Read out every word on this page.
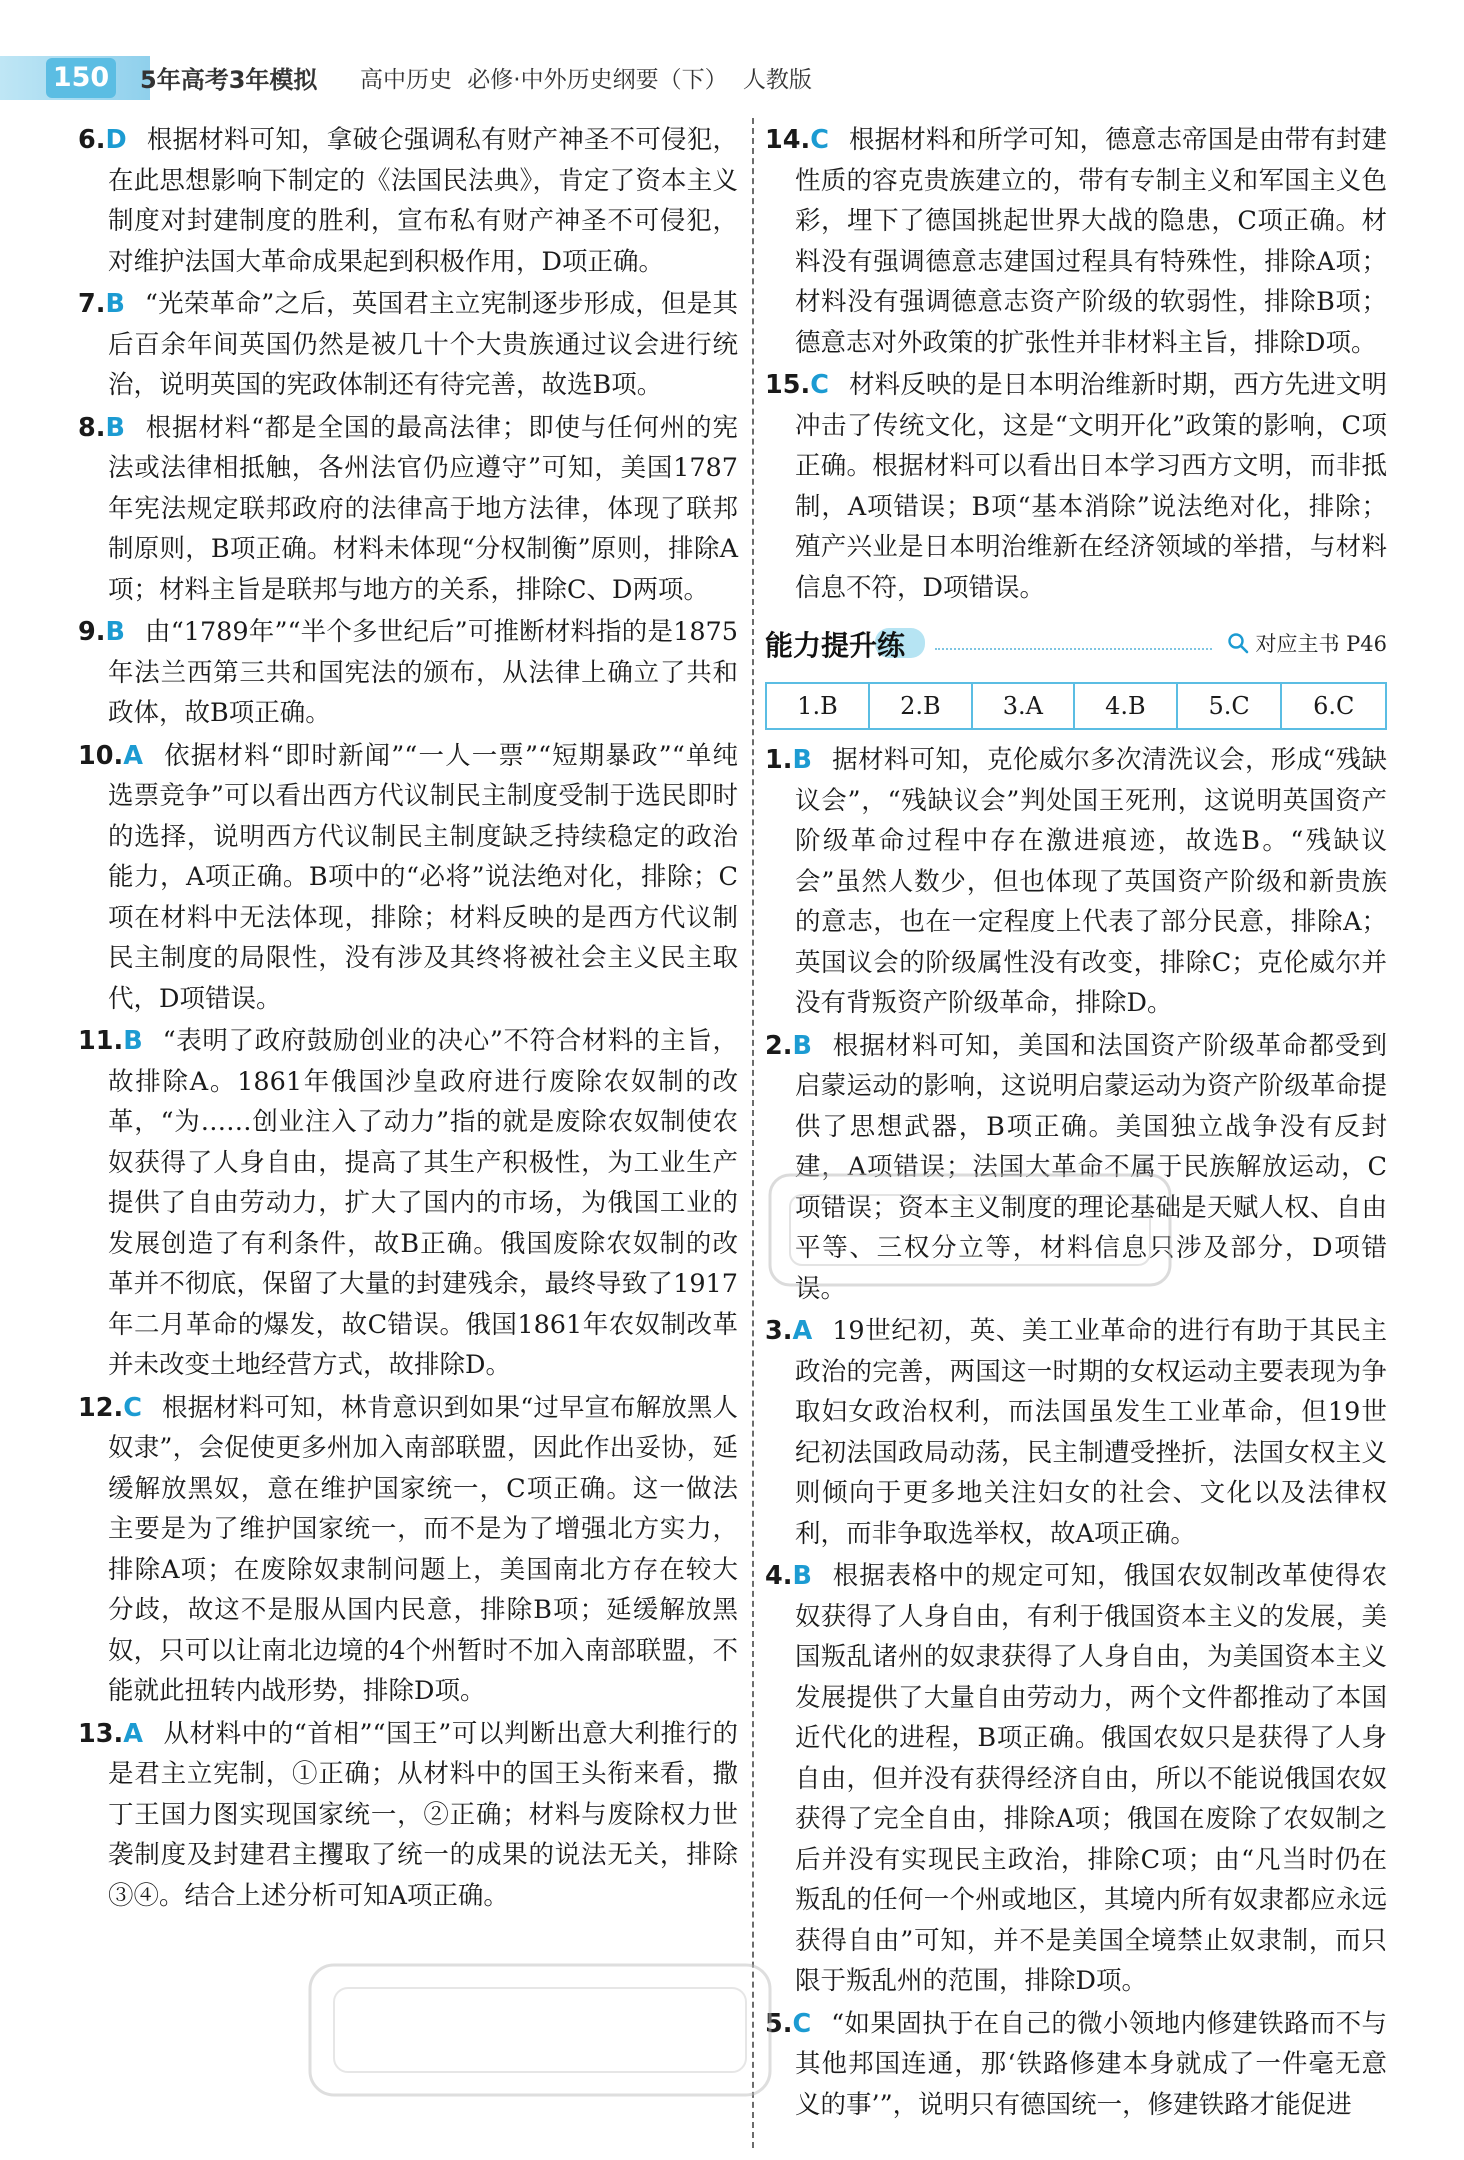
150 5年高考3年模拟 高中历史 必修·中外历史纲要（下） 人教版

6.D 根据材料可知，拿破仑强调私有财产神圣不可侵犯，在此思想影响下制定的《法国民法典》，肯定了资本主义制度对封建制度的胜利，宣布私有财产神圣不可侵犯，对维护法国大革命成果起到积极作用，D项正确。

7.B “光荣革命”之后，英国君主立宪制逐步形成，但是其后百余年间英国仍然是被几十个大贵族通过议会进行统治，说明英国的宪政体制还有待完善，故选B项。

8.B 根据材料“都是全国的最高法律；即使与任何州的宪法或法律相抵触，各州法官仍应遵守”可知，美国1787年宪法规定联邦政府的法律高于地方法律，体现了联邦制原则，B项正确。材料未体现“分权制衡”原则，排除A项；材料主旨是联邦与地方的关系，排除C、D两项。

9.B 由“1789年”“半个多世纪后”可推断材料指的是1875年法兰西第三共和国宪法的颁布，从法律上确立了共和政体，故B项正确。

10.A 依据材料“即时新闻”“一人一票”“短期暴政”“单纯选票竞争”可以看出西方代议制民主制度受制于选民即时的选择，说明西方代议制民主制度缺乏持续稳定的政治能力，A项正确。B项中的“必将”说法绝对化，排除；C项在材料中无法体现，排除；材料反映的是西方代议制民主制度的局限性，没有涉及其终将被社会主义民主取代，D项错误。

11.B “表明了政府鼓励创业的决心”不符合材料的主旨，故排除A。1861年俄国沙皇政府进行废除农奴制的改革，“为……创业注入了动力”指的就是废除农奴制使农奴获得了人身自由，提高了其生产积极性，为工业生产提供了自由劳动力，扩大了国内的市场，为俄国工业的发展创造了有利条件，故B正确。俄国废除农奴制的改革并不彻底，保留了大量的封建残余，最终导致了1917年二月革命的爆发，故C错误。俄国1861年农奴制改革并未改变土地经营方式，故排除D。

12.C 根据材料可知，林肯意识到如果“过早宣布解放黑人奴隶”，会促使更多州加入南部联盟，因此作出妥协，延缓解放黑奴，意在维护国家统一，C项正确。这一做法主要是为了维护国家统一，而不是为了增强北方实力，排除A项；在废除奴隶制问题上，美国南北方存在较大分歧，故这不是服从国内民意，排除B项；延缓解放黑奴，只可以让南北边境的4个州暂时不加入南部联盟，不能就此扭转内战形势，排除D项。

13.A 从材料中的“首相”“国王”可以判断出意大利推行的是君主立宪制，①正确；从材料中的国王头衔来看，撒丁王国力图实现国家统一，②正确；材料与废除权力世袭制度及封建君主攫取了统一的成果的说法无关，排除③④。结合上述分析可知A项正确。

14.C 根据材料和所学可知，德意志帝国是由带有封建性质的容克贵族建立的，带有专制主义和军国主义色彩，埋下了德国挑起世界大战的隐患，C项正确。材料没有强调德意志建国过程具有特殊性，排除A项；材料没有强调德意志资产阶级的软弱性，排除B项；德意志对外政策的扩张性并非材料主旨，排除D项。

15.C 材料反映的是日本明治维新时期，西方先进文明冲击了传统文化，这是“文明开化”政策的影响，C项正确。根据材料可以看出日本学习西方文明，而非抵制，A项错误；B项“基本消除”说法绝对化，排除；殖产兴业是日本明治维新在经济领域的举措，与材料信息不符，D项错误。

能力提升练	对应主书 P46
1.B	2.B	3.A	4.B	5.C	6.C

1.B 据材料可知，克伦威尔多次清洗议会，形成“残缺议会”，“残缺议会”判处国王死刑，这说明英国资产阶级革命过程中存在激进痕迹，故选B。“残缺议会”虽然人数少，但也体现了英国资产阶级和新贵族的意志，也在一定程度上代表了部分民意，排除A；英国议会的阶级属性没有改变，排除C；克伦威尔并没有背叛资产阶级革命，排除D。

2.B 根据材料可知，美国和法国资产阶级革命都受到启蒙运动的影响，这说明启蒙运动为资产阶级革命提供了思想武器，B项正确。美国独立战争没有反封建，A项错误；法国大革命不属于民族解放运动，C项错误；资本主义制度的理论基础是天赋人权、自由平等、三权分立等，材料信息只涉及部分，D项错误。

3.A 19世纪初，英、美工业革命的进行有助于其民主政治的完善，两国这一时期的女权运动主要表现为争取妇女政治权利，而法国虽发生工业革命，但19世纪初法国政局动荡，民主制遭受挫折，法国女权主义则倾向于更多地关注妇女的社会、文化以及法律权利，而非争取选举权，故A项正确。

4.B 根据表格中的规定可知，俄国农奴制改革使得农奴获得了人身自由，有利于俄国资本主义的发展，美国叛乱诸州的奴隶获得了人身自由，为美国资本主义发展提供了大量自由劳动力，两个文件都推动了本国近代化的进程，B项正确。俄国农奴只是获得了人身自由，但并没有获得经济自由，所以不能说俄国农奴获得了完全自由，排除A项；俄国在废除了农奴制之后并没有实现民主政治，排除C项；由“凡当时仍在叛乱的任何一个州或地区，其境内所有奴隶都应永远获得自由”可知，并不是美国全境禁止奴隶制，而只限于叛乱州的范围，排除D项。

5.C “如果固执于在自己的微小领地内修建铁路而不与其他邦国连通，那‘铁路修建本身就成了一件毫无意义的事’”，说明只有德国统一，修建铁路才能促进
